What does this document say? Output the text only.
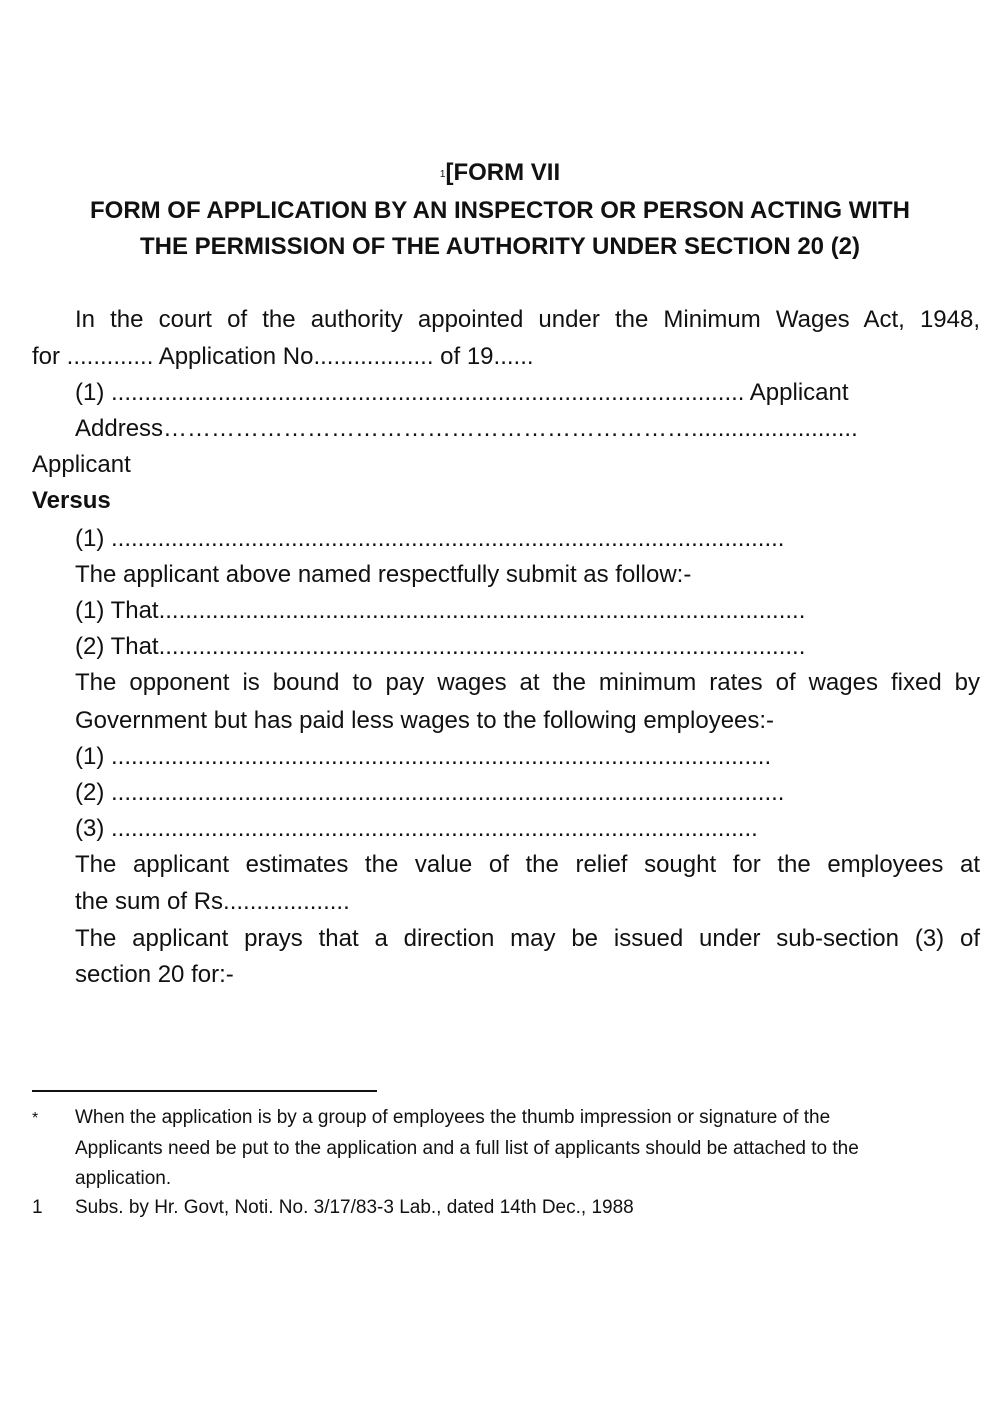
$^1$[FORM VII
FORM OF APPLICATION BY AN INSPECTOR OR PERSON ACTING WITH
THE PERMISSION OF THE AUTHORITY UNDER SECTION 20 (2)
In the court of the authority appointed under the Minimum Wages Act, 1948,
for ............. Application No.................. of 19......
(1) ............................................................................................... Applicant
Address………………………………………………………….........................
Applicant
Versus
(1) .....................................................................................................
The applicant above named respectfully submit as follow:-
(1) That.................................................................................................
(2) That.................................................................................................
The opponent is bound to pay wages at the minimum rates of wages fixed by
Government but has paid less wages to the following employees:-
(1) ...................................................................................................
(2) .....................................................................................................
(3) .................................................................................................
The applicant estimates the value of the relief sought for the employees at
the sum of Rs...................
The applicant prays that a direction may be issued under sub-section (3) of
section 20 for:-
* When the application is by a group of employees the thumb impression or signature of the
Applicants need be put to the application and a full list of applicants should be attached to the
application.
1 Subs. by Hr. Govt, Noti. No. 3/17/83-3 Lab., dated 14th Dec., 1988
